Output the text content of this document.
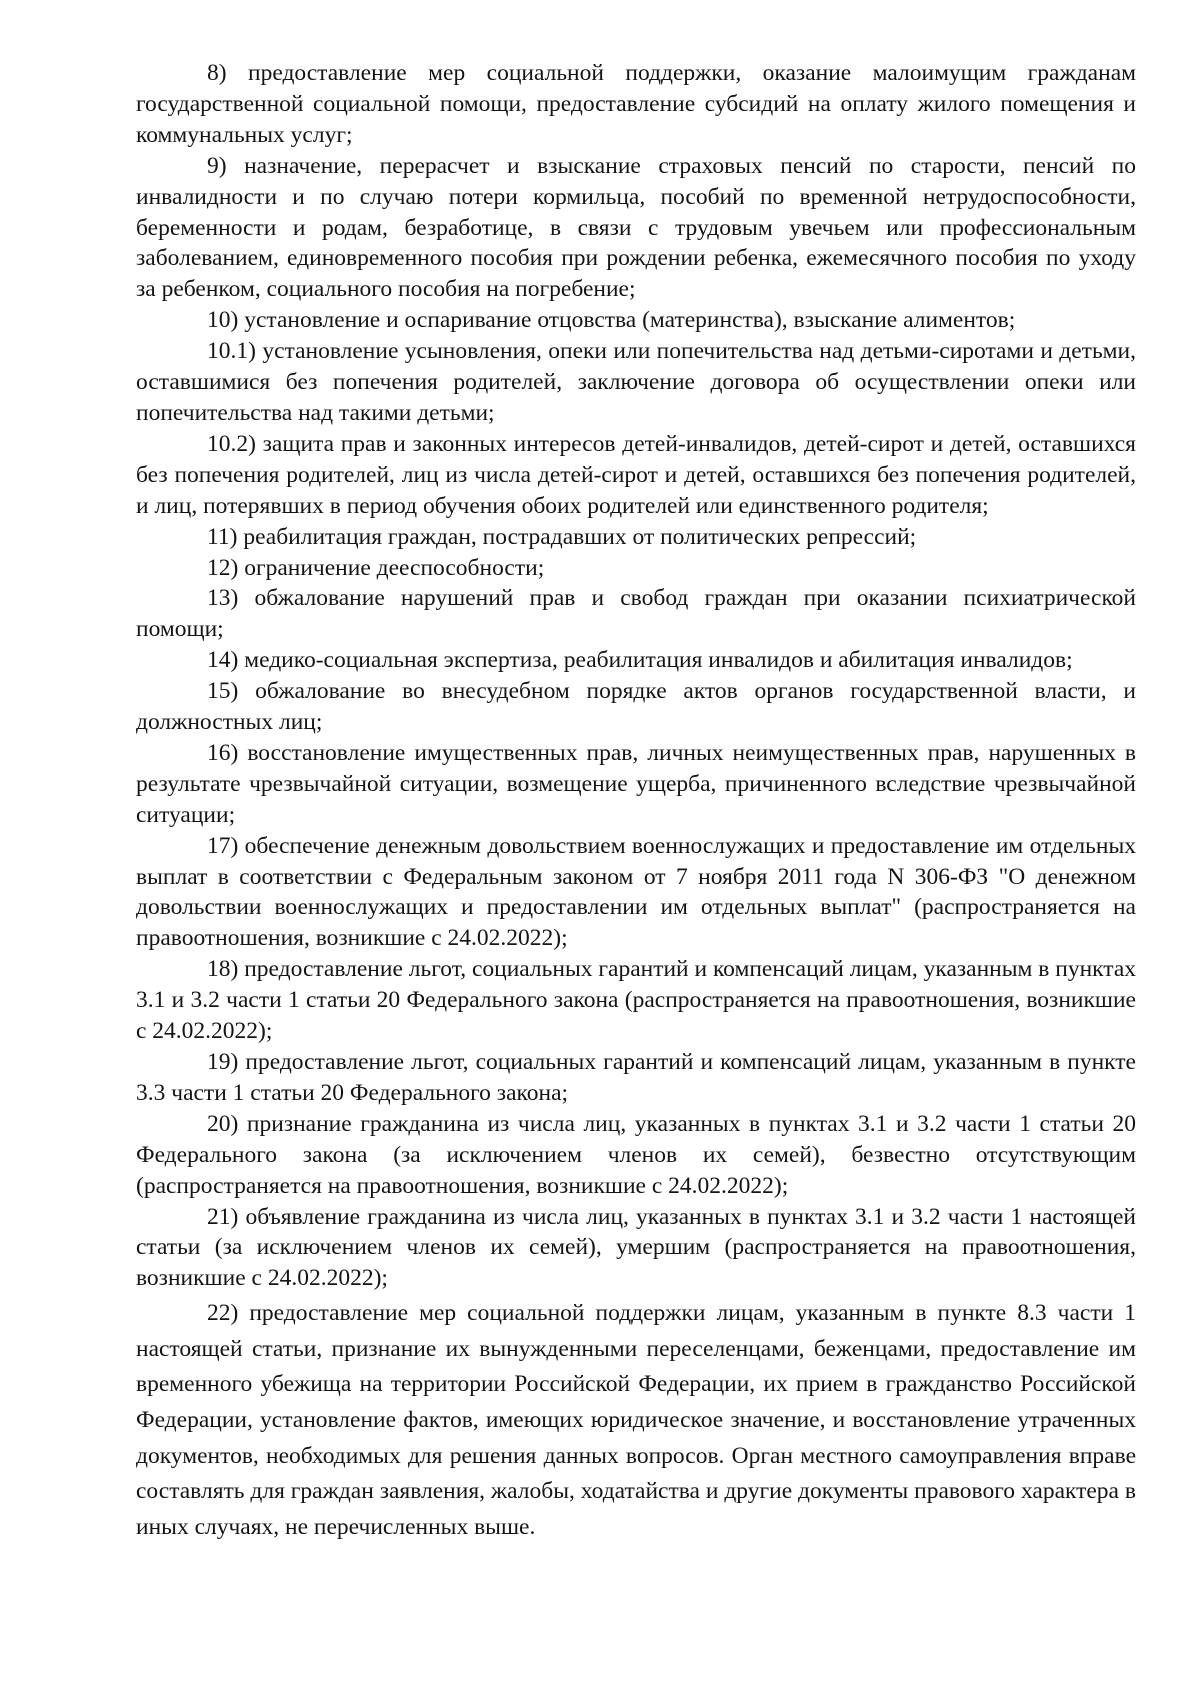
8) предоставление мер социальной поддержки, оказание малоимущим гражданам государственной социальной помощи, предоставление субсидий на оплату жилого помещения и коммунальных услуг;

9) назначение, перерасчет и взыскание страховых пенсий по старости, пенсий по инвалидности и по случаю потери кормильца, пособий по временной нетрудоспособности, беременности и родам, безработице, в связи с трудовым увечьем или профессиональным заболеванием, единовременного пособия при рождении ребенка, ежемесячного пособия по уходу за ребенком, социального пособия на погребение;

10) установление и оспаривание отцовства (материнства), взыскание алиментов;

10.1) установление усыновления, опеки или попечительства над детьми-сиротами и детьми, оставшимися без попечения родителей, заключение договора об осуществлении опеки или попечительства над такими детьми;

10.2) защита прав и законных интересов детей-инвалидов, детей-сирот и детей, оставшихся без попечения родителей, лиц из числа детей-сирот и детей, оставшихся без попечения родителей, и лиц, потерявших в период обучения обоих родителей или единственного родителя;

11) реабилитация граждан, пострадавших от политических репрессий;

12) ограничение дееспособности;

13) обжалование нарушений прав и свобод граждан при оказании психиатрической помощи;

14) медико-социальная экспертиза, реабилитация инвалидов и абилитация инвалидов;

15) обжалование во внесудебном порядке актов органов государственной власти, и должностных лиц;

16) восстановление имущественных прав, личных неимущественных прав, нарушенных в результате чрезвычайной ситуации, возмещение ущерба, причиненного вследствие чрезвычайной ситуации;

17) обеспечение денежным довольствием военнослужащих и предоставление им отдельных выплат в соответствии с Федеральным законом от 7 ноября 2011 года N 306-ФЗ "О денежном довольствии военнослужащих и предоставлении им отдельных выплат" (распространяется на правоотношения, возникшие с 24.02.2022);

18) предоставление льгот, социальных гарантий и компенсаций лицам, указанным в пунктах 3.1 и 3.2 части 1 статьи 20 Федерального закона (распространяется на правоотношения, возникшие с 24.02.2022);

19) предоставление льгот, социальных гарантий и компенсаций лицам, указанным в пункте 3.3 части 1 статьи 20 Федерального закона;

20) признание гражданина из числа лиц, указанных в пунктах 3.1 и 3.2 части 1 статьи 20 Федерального закона (за исключением членов их семей), безвестно отсутствующим (распространяется на правоотношения, возникшие с 24.02.2022);

21) объявление гражданина из числа лиц, указанных в пунктах 3.1 и 3.2 части 1 настоящей статьи (за исключением членов их семей), умершим (распространяется на правоотношения, возникшие с 24.02.2022);

22) предоставление мер социальной поддержки лицам, указанным в пункте 8.3 части 1 настоящей статьи, признание их вынужденными переселенцами, беженцами, предоставление им временного убежища на территории Российской Федерации, их прием в гражданство Российской Федерации, установление фактов, имеющих юридическое значение, и восстановление утраченных документов, необходимых для решения данных вопросов. Орган местного самоуправления вправе составлять для граждан заявления, жалобы, ходатайства и другие документы правового характера в иных случаях, не перечисленных выше.
